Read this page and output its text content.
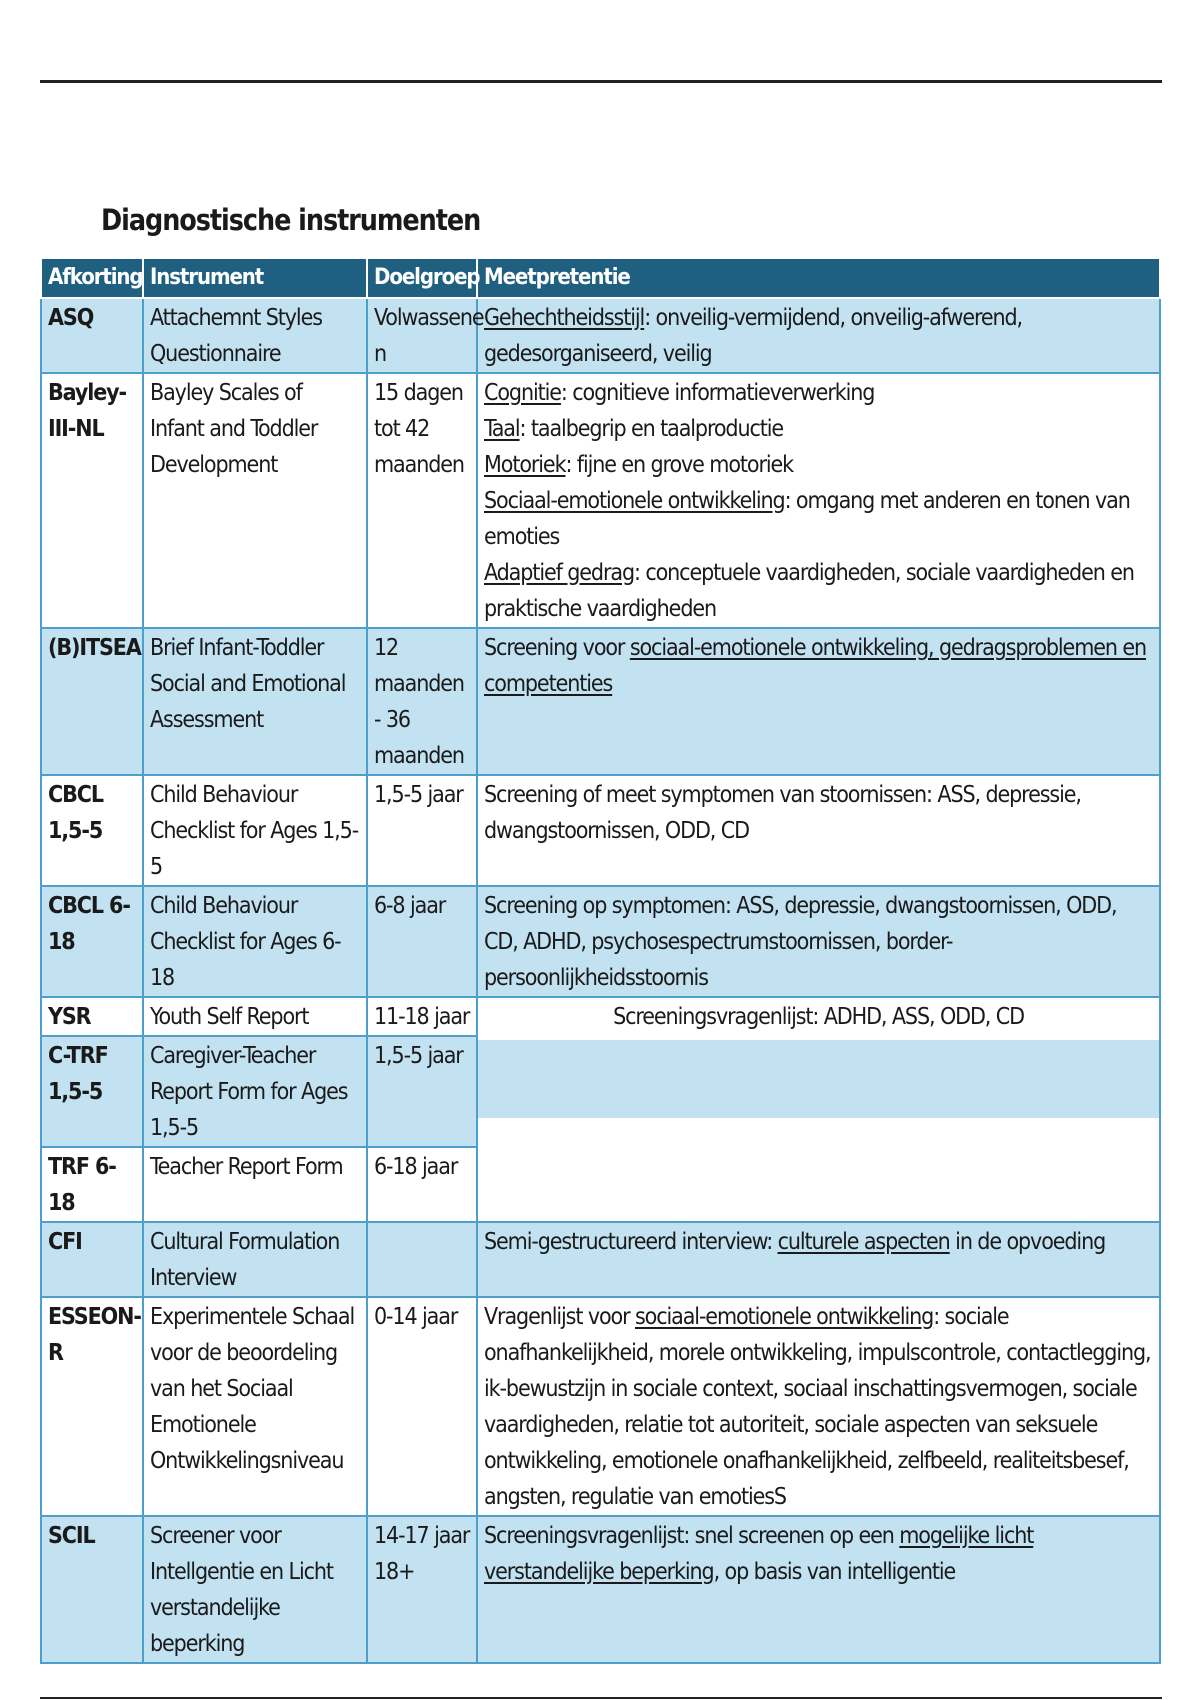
Diagnostische instrumenten
Afkorting	Instrument	Doelgroep	Meetpretentie
ASQ	Attachemnt Styles Questionnaire	Volwassene n	Gehechtheidsstijl: onveilig-vermijdend, onveilig-afwerend, gedesorganiseerd, veilig
Bayley-III-NL	Bayley Scales of Infant and Toddler Development	15 dagen tot 42 maanden	Cognitie: cognitieve informatieverwerking
Taal: taalbegrip en taalproductie
Motoriek: fijne en grove motoriek
Sociaal-emotionele ontwikkeling: omgang met anderen en tonen van emoties
Adaptief gedrag: conceptuele vaardigheden, sociale vaardigheden en praktische vaardigheden

(B)ITSEA	Brief Infant-Toddler Social and Emotional Assessment	12 maanden - 36 maanden	Screening voor sociaal-emotionele ontwikkeling, gedragsproblemen en competenties
CBCL 1,5-5	Child Behaviour Checklist for Ages 1,5-5	1,5-5 jaar	Screening of meet symptomen van stoornissen: ASS, depressie, dwangstoornissen, ODD, CD
CBCL 6-18	Child Behaviour Checklist for Ages 6-18	6-8 jaar	Screening op symptomen: ASS, depressie, dwangstoornissen, ODD, CD, ADHD, psychosespectrumstoornissen, border-persoonlijkheidsstoornis
YSR	Youth Self Report	11-18 jaar	Screeningsvragenlijst: ADHD, ASS, ODD, CD
C-TRF 1,5-5	Caregiver-Teacher Report Form for Ages 1,5-5	1,5-5 jaar	
TRF 6-18	Teacher Report Form	6-18 jaar	
CFI	Cultural Formulation Interview		Semi-gestructureerd interview: culturele aspecten in de opvoeding
ESSEON-R	Experimentele Schaal voor de beoordeling van het Sociaal Emotionele Ontwikkelingsniveau	0-14 jaar	Vragenlijst voor sociaal-emotionele ontwikkeling: sociale onafhankelijkheid, morele ontwikkeling, impulscontrole, contactlegging, ik-bewustzijn in sociale context, sociaal inschattingsvermogen, sociale vaardigheden, relatie tot autoriteit, sociale aspecten van seksuele ontwikkeling, emotionele onafhankelijkheid, zelfbeeld, realiteitsbesef, angsten, regulatie van emotiesS
SCIL	Screener voor Intellgentie en Licht verstandelijke beperking	14-17 jaar 18+	Screeningsvragenlijst: snel screenen op een mogelijke licht verstandelijke beperking, op basis van intelligentie
